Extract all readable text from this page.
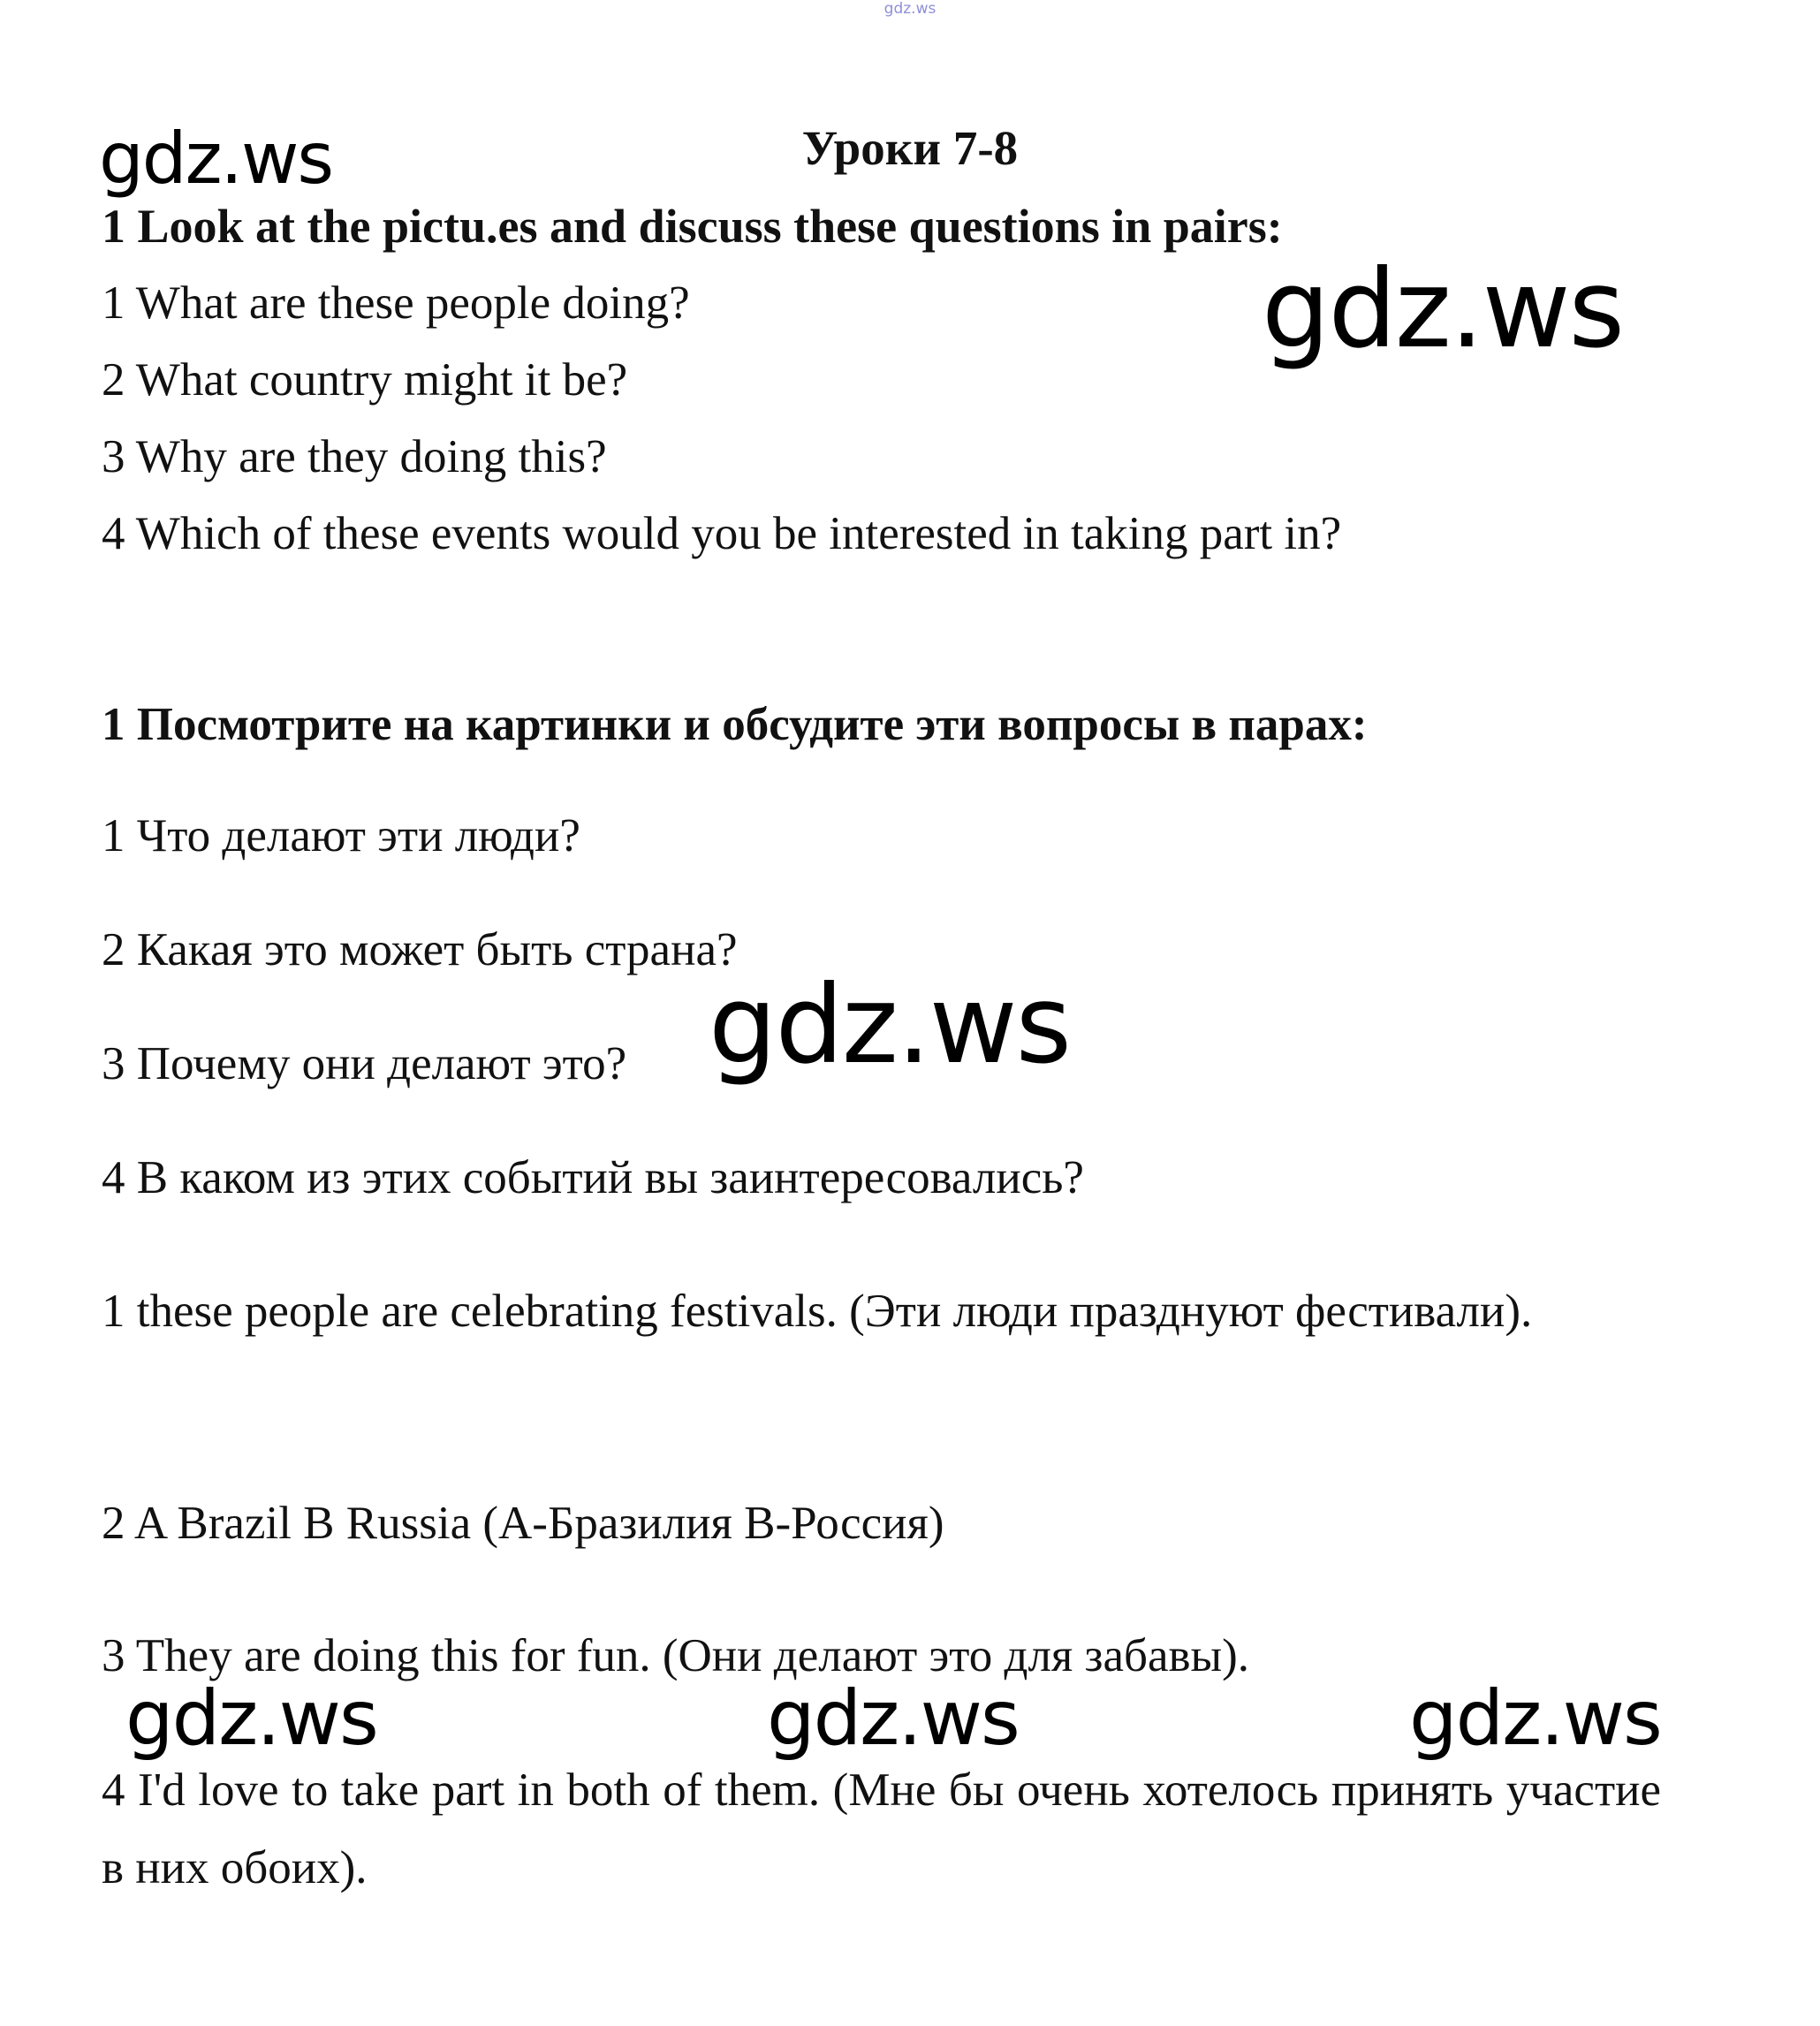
gdz.ws
gdz.ws
gdz.ws
gdz.ws
gdz.ws	gdz.ws	gdz.ws
Уроки 7-8
1 Look at the pictu.es and discuss these questions in pairs:
1 What are these people doing?
2 What country might it be?
3 Why are they doing this?
4 Which of these events would you be interested in taking part in?
1 Посмотрите на картинки и обсудите эти вопросы в парах:
1 Что делают эти люди?
2 Какая это может быть страна?
3 Почему они делают это?
4 В каком из этих событий вы заинтересовались?
1 these people are celebrating festivals. (Эти люди празднуют фестивали).
2 A Brazil B Russia (А-Бразилия В-Россия)
3 They are doing this for fun. (Они делают это для забавы).
4 I'd love to take part in both of them. (Мне бы очень хотелось принять участие в них обоих).
